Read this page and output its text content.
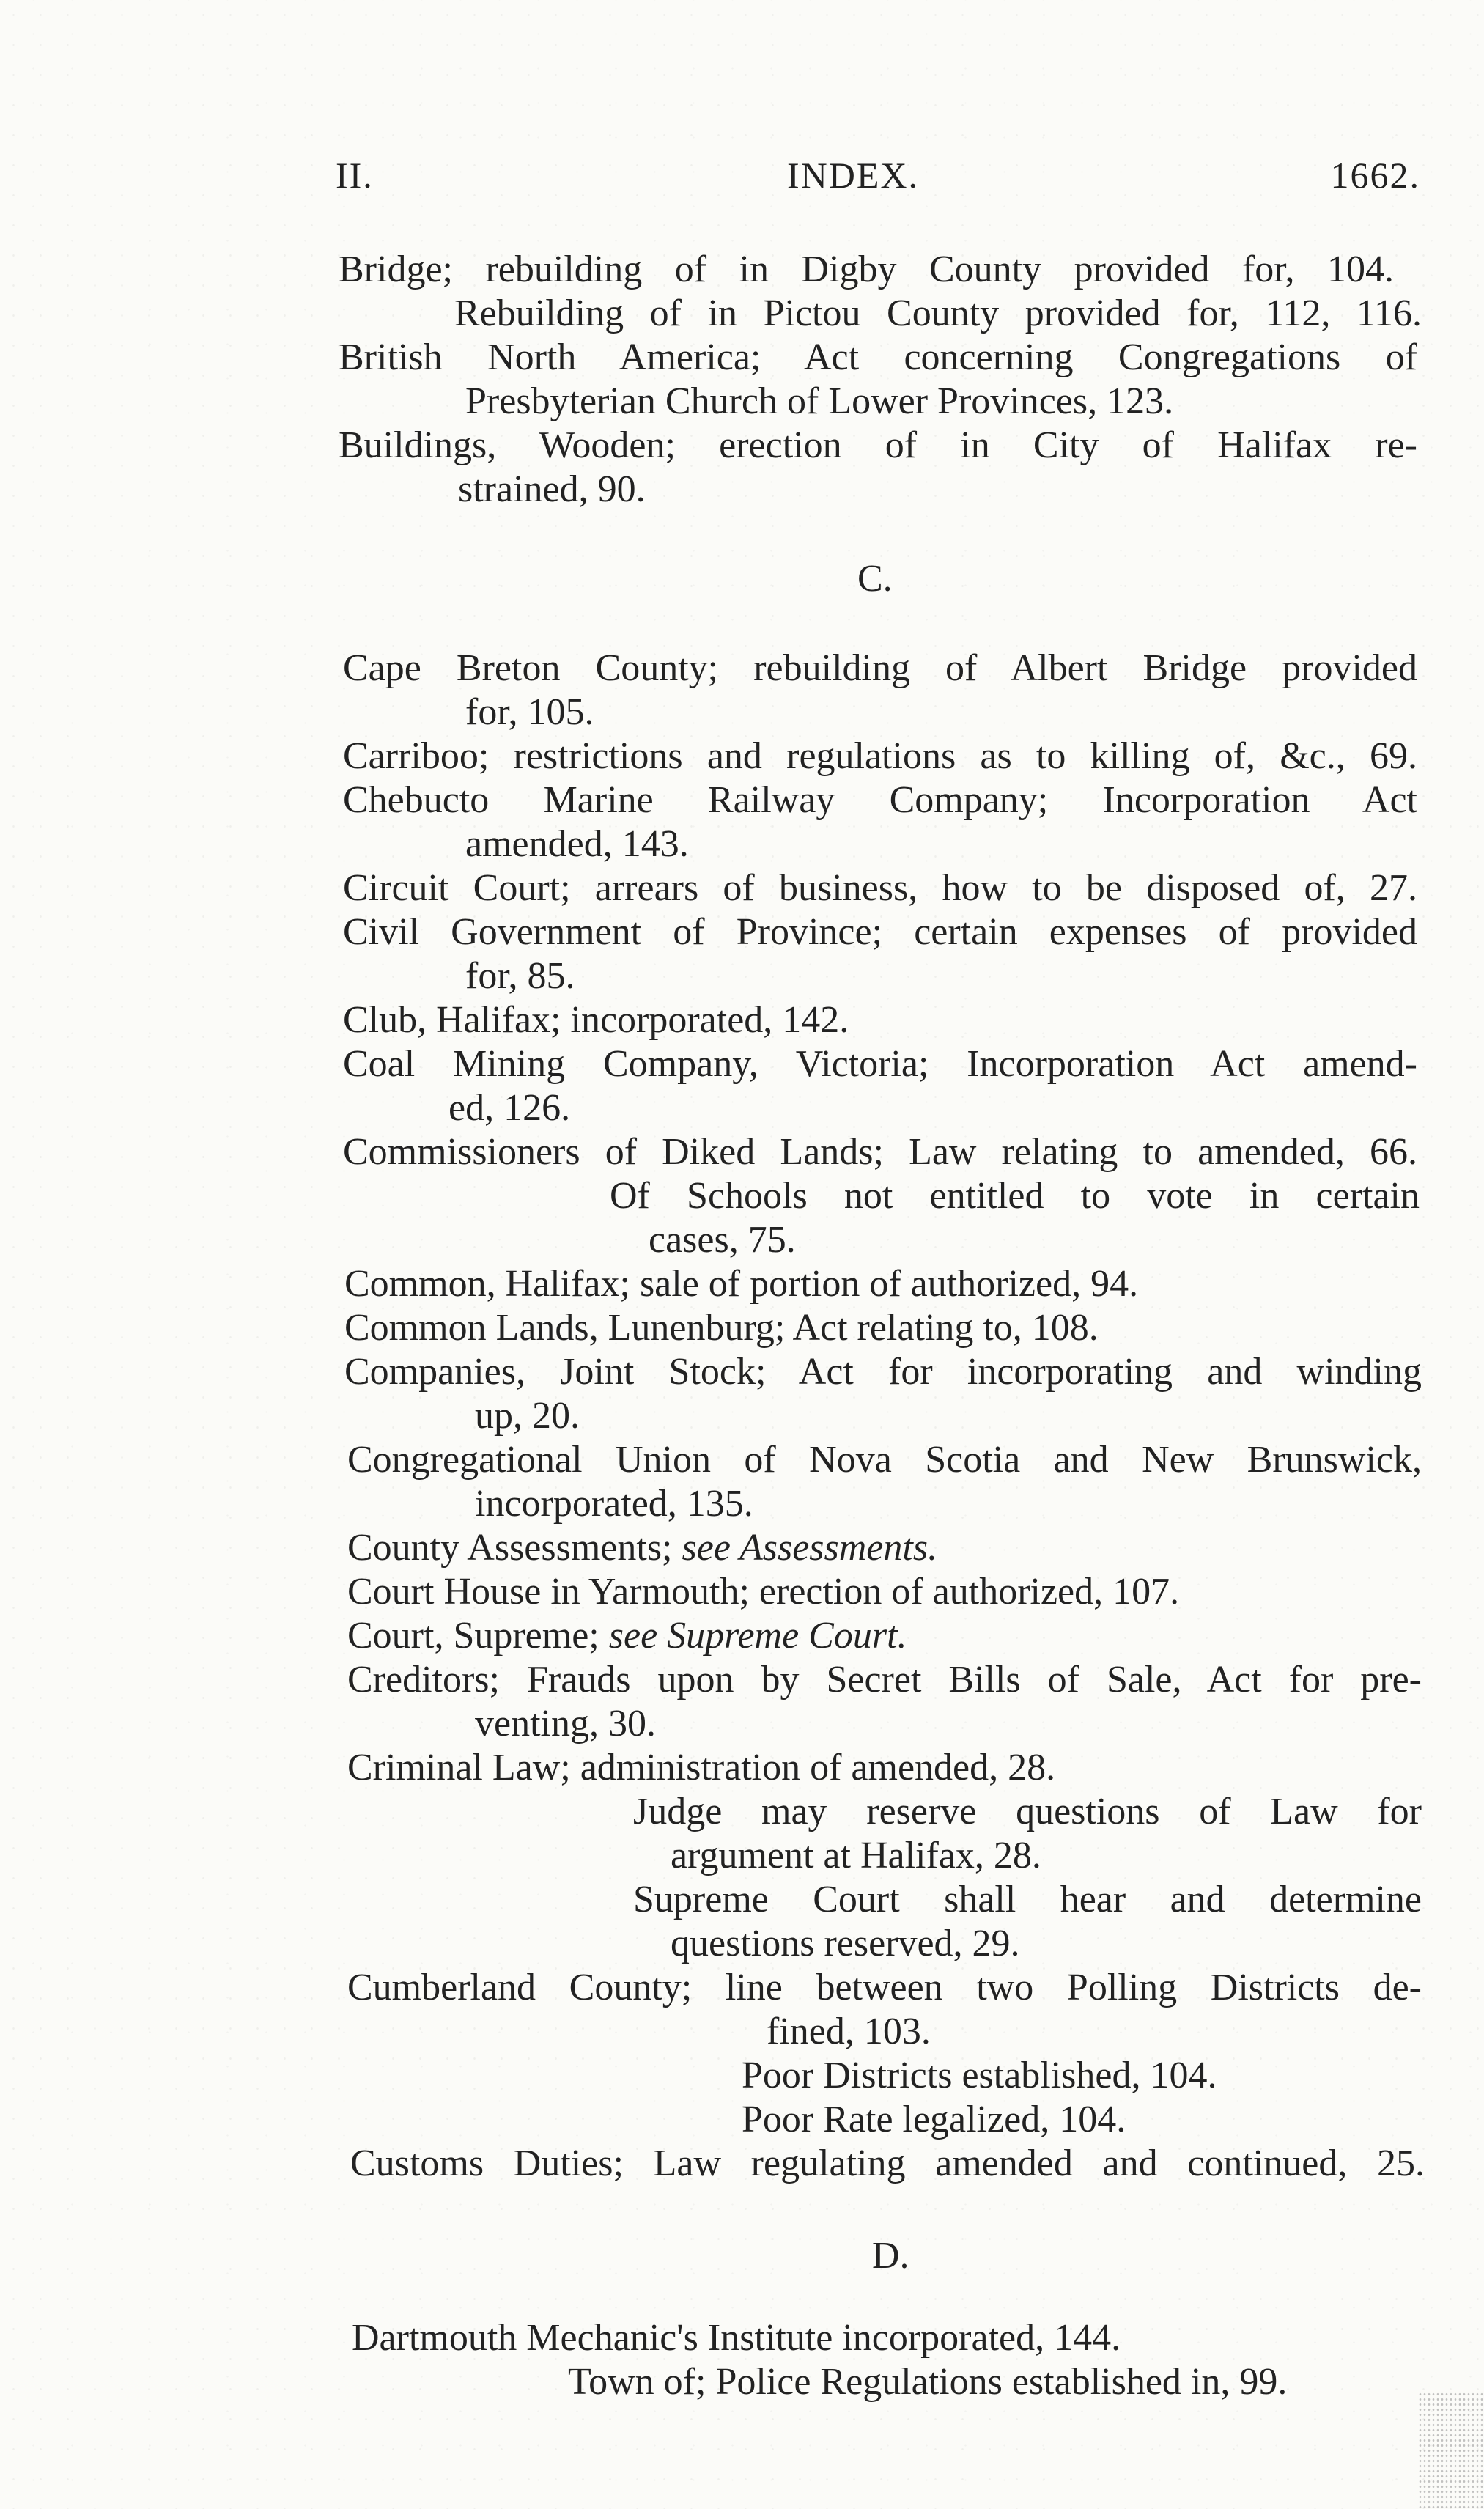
II.	INDEX.	1662.
Bridge; rebuilding of in Digby County provided for, 104.
Rebuilding of in Pictou County provided for, 112, 116.
British North America; Act concerning Congregations of
Presbyterian Church of Lower Provinces, 123.
Buildings, Wooden; erection of in City of Halifax re-
strained, 90.
C.
Cape Breton County; rebuilding of Albert Bridge provided
for, 105.
Carriboo; restrictions and regulations as to killing of, &c., 69.
Chebucto Marine Railway Company; Incorporation Act
amended, 143.
Circuit Court; arrears of business, how to be disposed of, 27.
Civil Government of Province; certain expenses of provided
for, 85.
Club, Halifax; incorporated, 142.
Coal Mining Company, Victoria; Incorporation Act amend-
ed, 126.
Commissioners of Diked Lands; Law relating to amended, 66.
Of Schools not entitled to vote in certain
cases, 75.
Common, Halifax; sale of portion of authorized, 94.
Common Lands, Lunenburg; Act relating to, 108.
Companies, Joint Stock; Act for incorporating and winding
up, 20.
Congregational Union of Nova Scotia and New Brunswick,
incorporated, 135.
County Assessments; see Assessments.
Court House in Yarmouth; erection of authorized, 107.
Court, Supreme; see Supreme Court.
Creditors; Frauds upon by Secret Bills of Sale, Act for pre-
venting, 30.
Criminal Law; administration of amended, 28.
Judge may reserve questions of Law for
argument at Halifax, 28.
Supreme Court shall hear and determine
questions reserved, 29.
Cumberland County; line between two Polling Districts de-
fined, 103.
Poor Districts established, 104.
Poor Rate legalized, 104.
Customs Duties; Law regulating amended and continued, 25.
D.
Dartmouth Mechanic's Institute incorporated, 144.
Town of; Police Regulations established in, 99.
